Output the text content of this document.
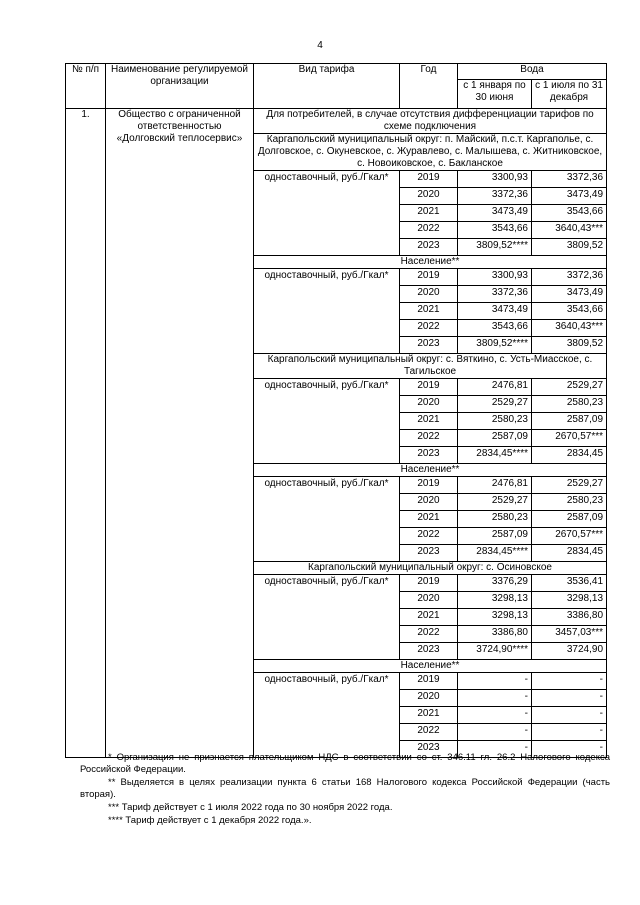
4
№ п/п	Наименование регулируемой организации	Вид тарифа	Год	Вода	
				с 1 января по 30 июня	с 1 июля по 31 декабря
1.	Общество с ограниченной ответственностью «Долговский теплосервис»	Для потребителей, в случае отсутствия дифференциации тарифов по схеме подключения			
		Каргапольский муниципальный округ: п. Майский, п.с.т. Каргаполье, с. Долговское, с. Окуневское, с. Журавлево, с. Малышева, с. Житниковское, с. Новоиковское, с. Бакланское			
		одноставочный, руб./Гкал*	2019	3300,93	3372,36
			2020	3372,36	3473,49
			2021	3473,49	3543,66
			2022	3543,66	3640,43***
			2023	3809,52****	3809,52
		Население**			
		одноставочный, руб./Гкал*	2019	3300,93	3372,36
			2020	3372,36	3473,49
			2021	3473,49	3543,66
			2022	3543,66	3640,43***
			2023	3809,52****	3809,52
		Каргапольский муниципальный округ: с. Вяткино, с. Усть-Миасское, с. Тагильское			
		одноставочный, руб./Гкал*	2019	2476,81	2529,27
			2020	2529,27	2580,23
			2021	2580,23	2587,09
			2022	2587,09	2670,57***
			2023	2834,45****	2834,45
		Население**			
		одноставочный, руб./Гкал*	2019	2476,81	2529,27
			2020	2529,27	2580,23
			2021	2580,23	2587,09
			2022	2587,09	2670,57***
			2023	2834,45****	2834,45
		Каргапольский муниципальный округ: с. Осиновское			
		одноставочный, руб./Гкал*	2019	3376,29	3536,41
			2020	3298,13	3298,13
			2021	3298,13	3386,80
			2022	3386,80	3457,03***
			2023	3724,90****	3724,90
		Население**			
		одноставочный, руб./Гкал*	2019	-	-
			2020	-	-
			2021	-	-
			2022	-	-
			2023	-	-

* Организация не признается плательщиком НДС в соответствии со ст. 346.11 гл. 26.2 Налогового кодекса Российской Федерации.

** Выделяется в целях реализации пункта 6 статьи 168 Налогового кодекса Российской Федерации (часть вторая).

*** Тариф действует с 1 июля 2022 года по 30 ноября 2022 года.

**** Тариф действует с 1 декабря 2022 года.».
